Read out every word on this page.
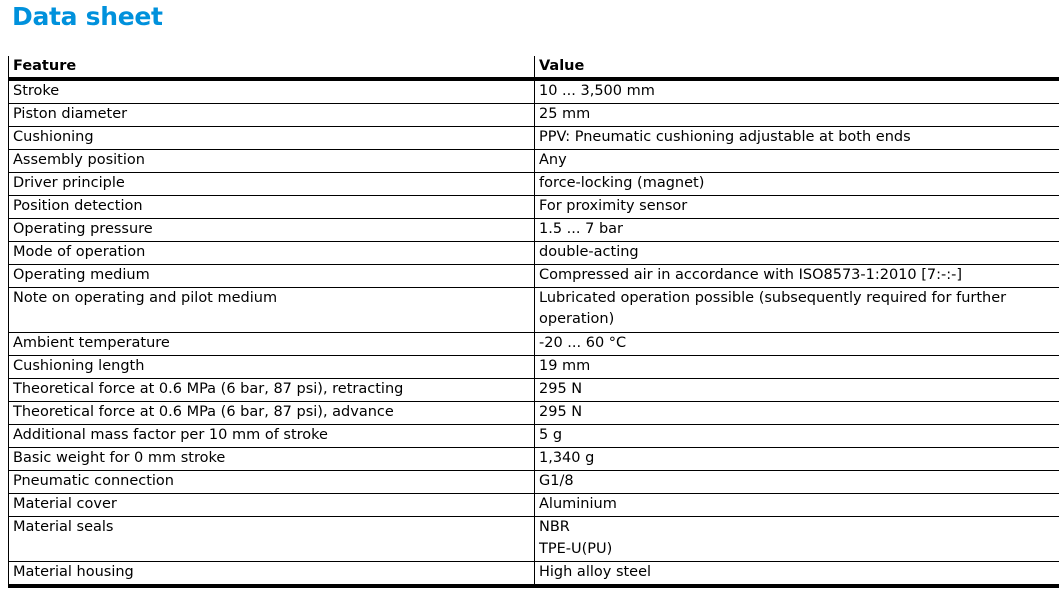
Data sheet
Feature	Value
Stroke	10 ... 3,500 mm
Piston diameter	25 mm
Cushioning	PPV: Pneumatic cushioning adjustable at both ends
Assembly position	Any
Driver principle	force-locking (magnet)
Position detection	For proximity sensor
Operating pressure	1.5 ... 7 bar
Mode of operation	double-acting
Operating medium	Compressed air in accordance with ISO8573-1:2010 [7:-:-]
Note on operating and pilot medium	Lubricated operation possible (subsequently required for further operation)
Ambient temperature	-20 ... 60 °C
Cushioning length	19 mm
Theoretical force at 0.6 MPa (6 bar, 87 psi), retracting	295 N
Theoretical force at 0.6 MPa (6 bar, 87 psi), advance	295 N
Additional mass factor per 10 mm of stroke	5 g
Basic weight for 0 mm stroke	1,340 g
Pneumatic connection	G1/8
Material cover	Aluminium
Material seals	NBR
TPE-U(PU)

Material housing	High alloy steel
